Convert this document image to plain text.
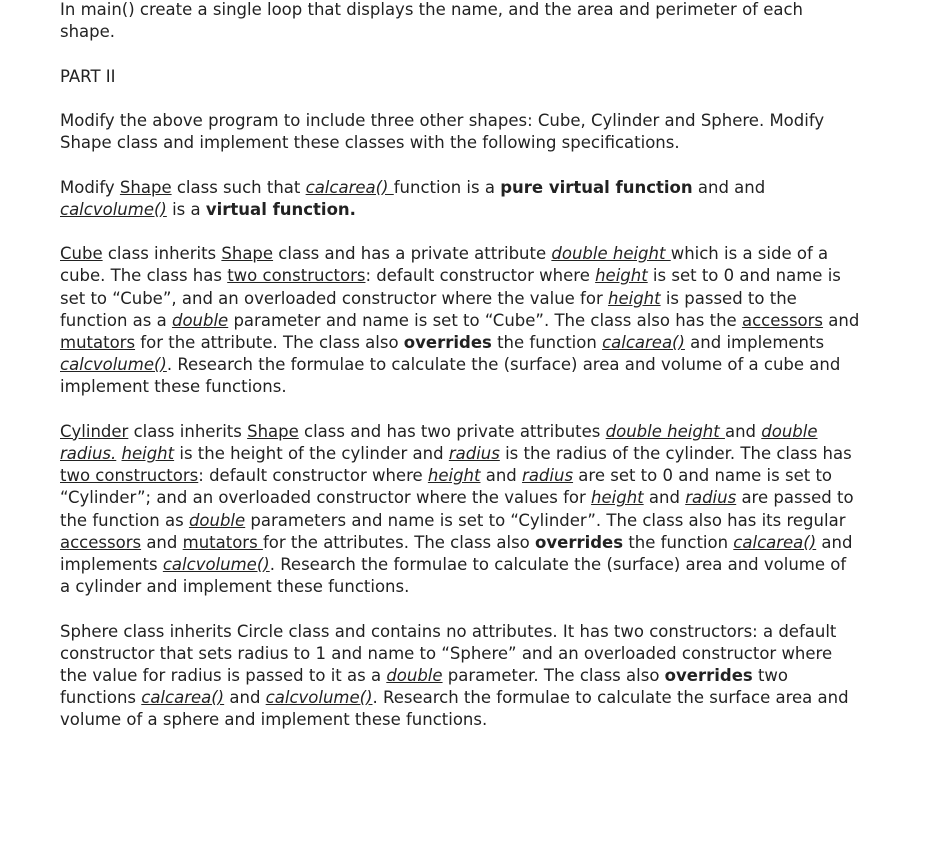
In main() create a single loop that displays the name, and the area and perimeter of each shape.

PART II

Modify the above program to include three other shapes: Cube, Cylinder and Sphere. Modify Shape class and implement these classes with the following specifications.

Modify Shape class such that calcarea() function is a pure virtual function and and calcvolume() is a virtual function.

Cube class inherits Shape class and has a private attribute double height which is a side of a cube. The class has two constructors: default constructor where height is set to 0 and name is set to “Cube”, and an overloaded constructor where the value for height is passed to the function as a double parameter and name is set to “Cube”. The class also has the accessors and mutators for the attribute. The class also overrides the function calcarea() and implements calcvolume(). Research the formulae to calculate the (surface) area and volume of a cube and implement these functions.

Cylinder class inherits Shape class and has two private attributes double height and double radius. height is the height of the cylinder and radius is the radius of the cylinder. The class has two constructors: default constructor where height and radius are set to 0 and name is set to “Cylinder”; and an overloaded constructor where the values for height and radius are passed to the function as double parameters and name is set to “Cylinder”. The class also has its regular accessors and mutators for the attributes. The class also overrides the function calcarea() and implements calcvolume(). Research the formulae to calculate the (surface) area and volume of a cylinder and implement these functions.

Sphere class inherits Circle class and contains no attributes. It has two constructors: a default constructor that sets radius to 1 and name to “Sphere” and an overloaded constructor where the value for radius is passed to it as a double parameter. The class also overrides two functions calcarea() and calcvolume(). Research the formulae to calculate the surface area and volume of a sphere and implement these functions.
